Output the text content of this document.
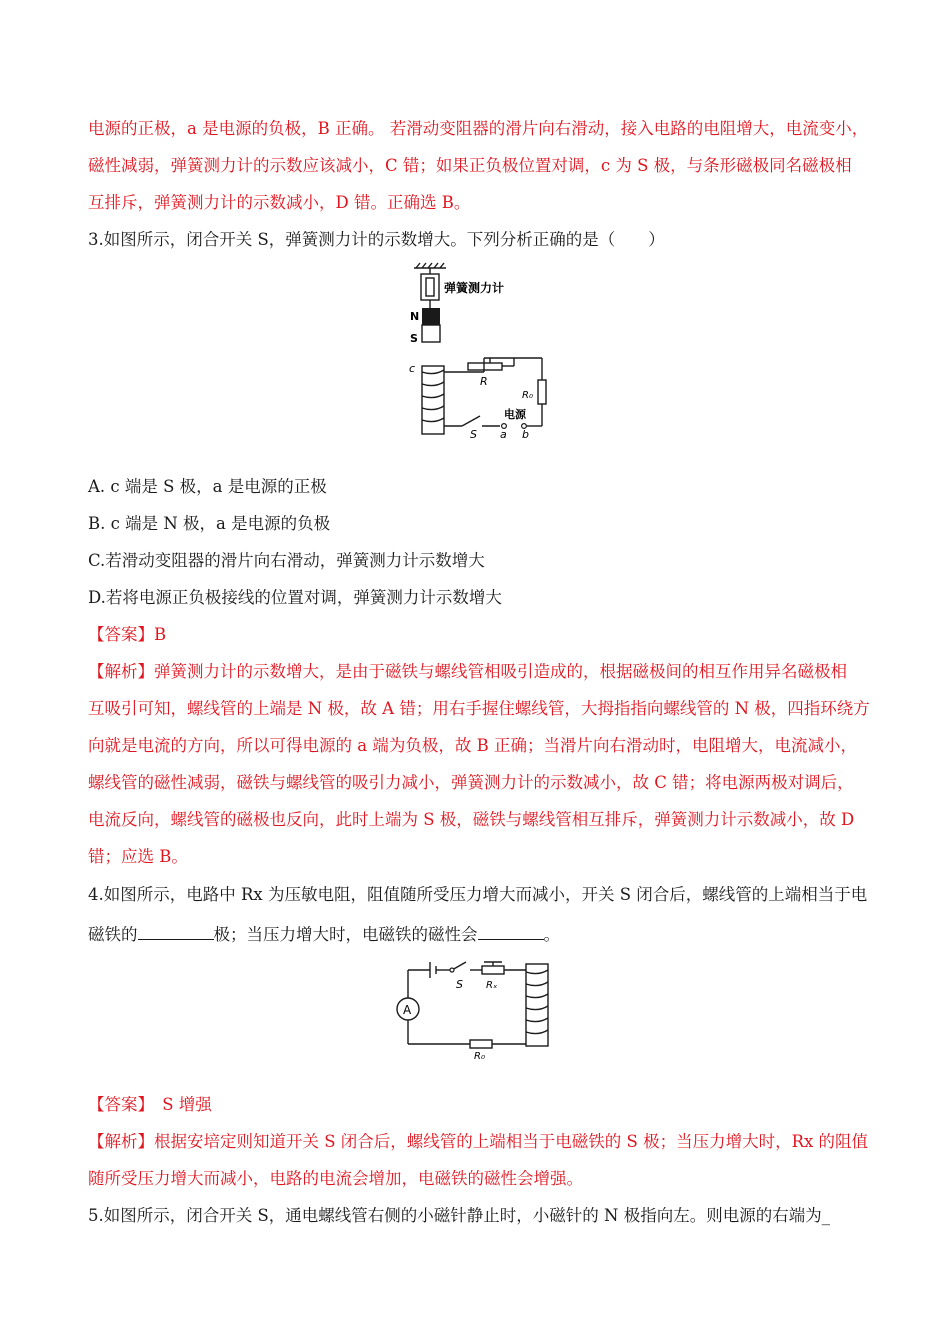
电源的正极，a 是电源的负极，B 正确。 若滑动变阻器的滑片向右滑动，接入电路的电阻增大，电流变小，
磁性减弱，弹簧测力计的示数应该减小，C 错；如果正负极位置对调，c 为 S 极，与条形磁极同名磁极相
互排斥，弹簧测力计的示数减小，D 错。正确选 B。
3.如图所示，闭合开关 S，弹簧测力计的示数增大。下列分析正确的是（　　）
弹簧测力计
N
S
c
R
R₀
电源
S a b
A. c 端是 S 极，a 是电源的正极
B. c 端是 N 极，a 是电源的负极
C.若滑动变阻器的滑片向右滑动，弹簧测力计示数增大
D.若将电源正负极接线的位置对调，弹簧测力计示数增大
【答案】B
【解析】弹簧测力计的示数增大，是由于磁铁与螺线管相吸引造成的，根据磁极间的相互作用异名磁极相
互吸引可知，螺线管的上端是 N 极，故 A 错；用右手握住螺线管，大拇指指向螺线管的 N 极，四指环绕方
向就是电流的方向，所以可得电源的 a 端为负极，故 B 正确；当滑片向右滑动时，电阻增大，电流减小，
螺线管的磁性减弱，磁铁与螺线管的吸引力减小，弹簧测力计的示数减小，故 C 错；将电源两极对调后，
电流反向，螺线管的磁极也反向，此时上端为 S 极，磁铁与螺线管相互排斥，弹簧测力计示数减小，故 D
错；应选 B。
4.如图所示，电路中 Rx 为压敏电阻，阻值随所受压力增大而减小，开关 S 闭合后，螺线管的上端相当于电
磁铁的	极；当压力增大时，电磁铁的磁性会	。
A
S Rₓ
R₀
【答案】　S 增强
【解析】根据安培定则知道开关 S 闭合后，螺线管的上端相当于电磁铁的 S 极；当压力增大时，Rx 的阻值
随所受压力增大而减小，电路的电流会增加，电磁铁的磁性会增强。
5.如图所示，闭合开关 S，通电螺线管右侧的小磁针静止时，小磁针的 N 极指向左。则电源的右端为_
